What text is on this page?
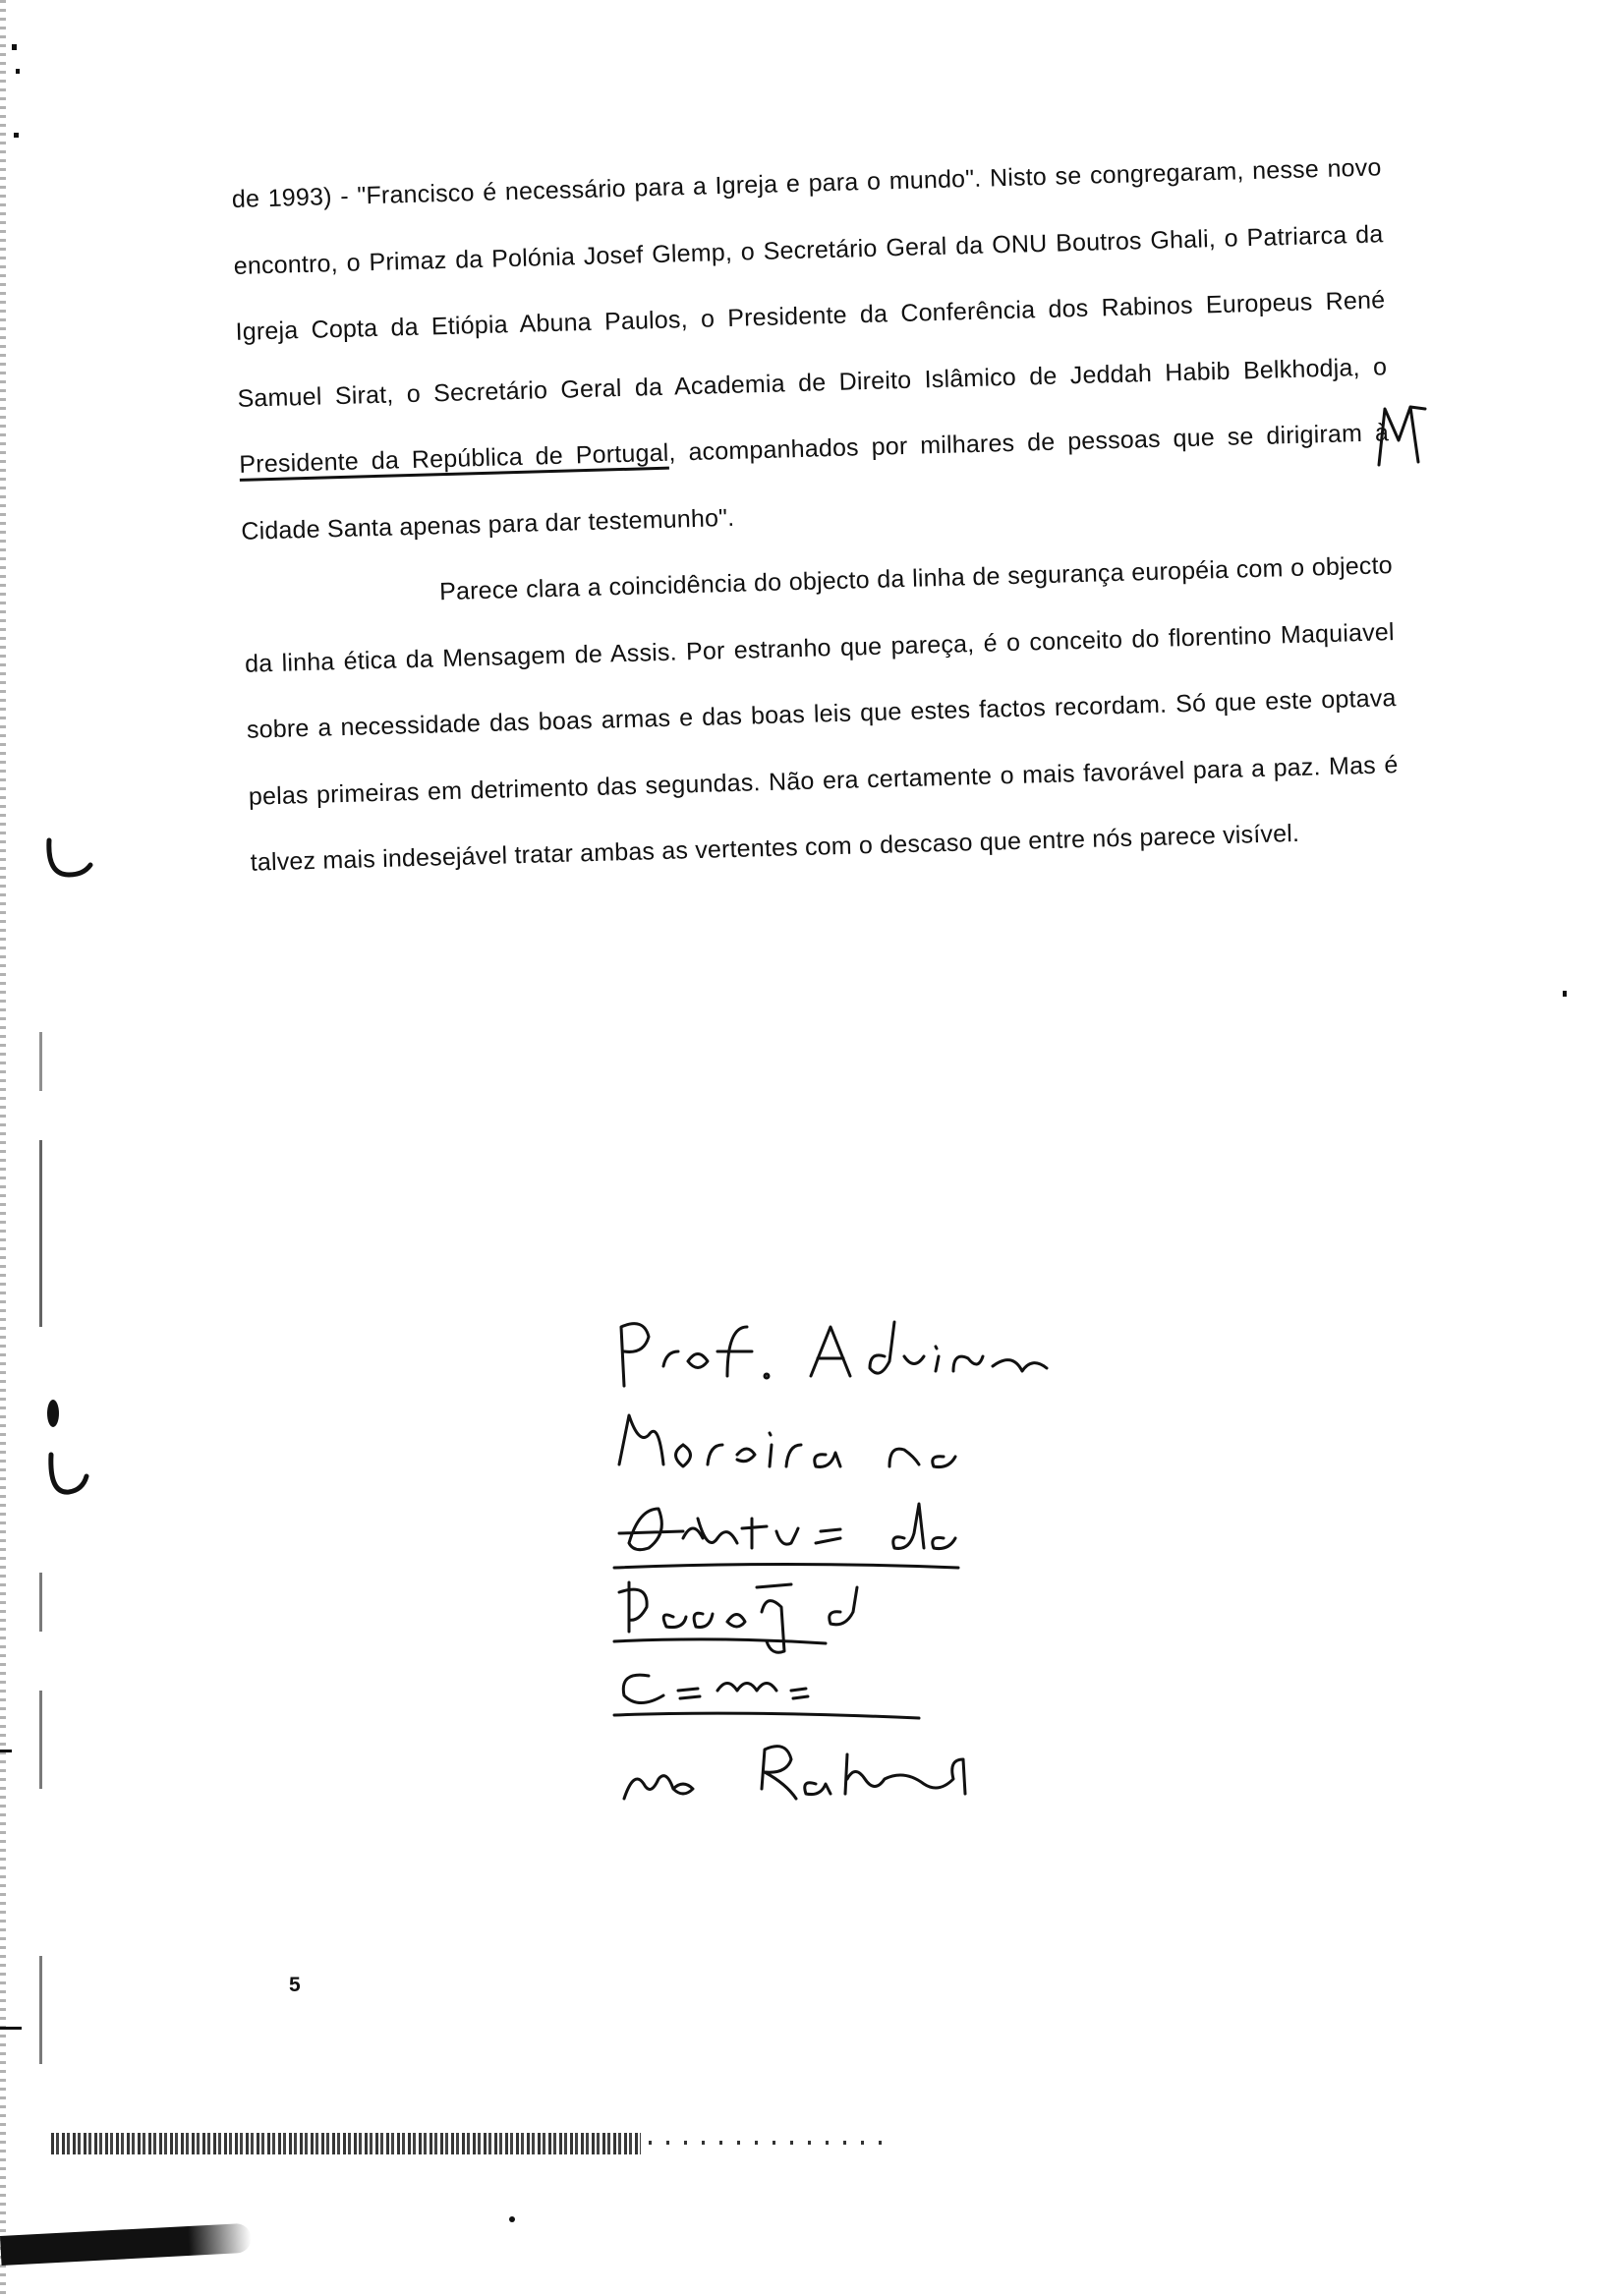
de 1993) - "Francisco é necessário para a Igreja e para o mundo". Nisto se congregaram, nesse novo encontro, o Primaz da Polónia Josef Glemp, o Secretário Geral da ONU Boutros Ghali, o Patriarca da Igreja Copta da Etiópia Abuna Paulos, o Presidente da Conferência dos Rabinos Europeus René Samuel Sirat, o Secretário Geral da Academia de Direito Islâmico de Jeddah Habib Belkhodja, o Presidente da República de Portugal, acompanhados por milhares de pessoas que se dirigiram à Cidade Santa apenas para dar testemunho".

Parece clara a coincidência do objecto da linha de segurança européia com o objecto da linha ética da Mensagem de Assis. Por estranho que pareça, é o conceito do florentino Maquiavel sobre a necessidade das boas armas e das boas leis que estes factos recordam. Só que este optava pelas primeiras em detrimento das segundas. Não era certamente o mais favorável para a paz. Mas é talvez mais indesejável tratar ambas as vertentes com o descaso que entre nós parece visível.

5
